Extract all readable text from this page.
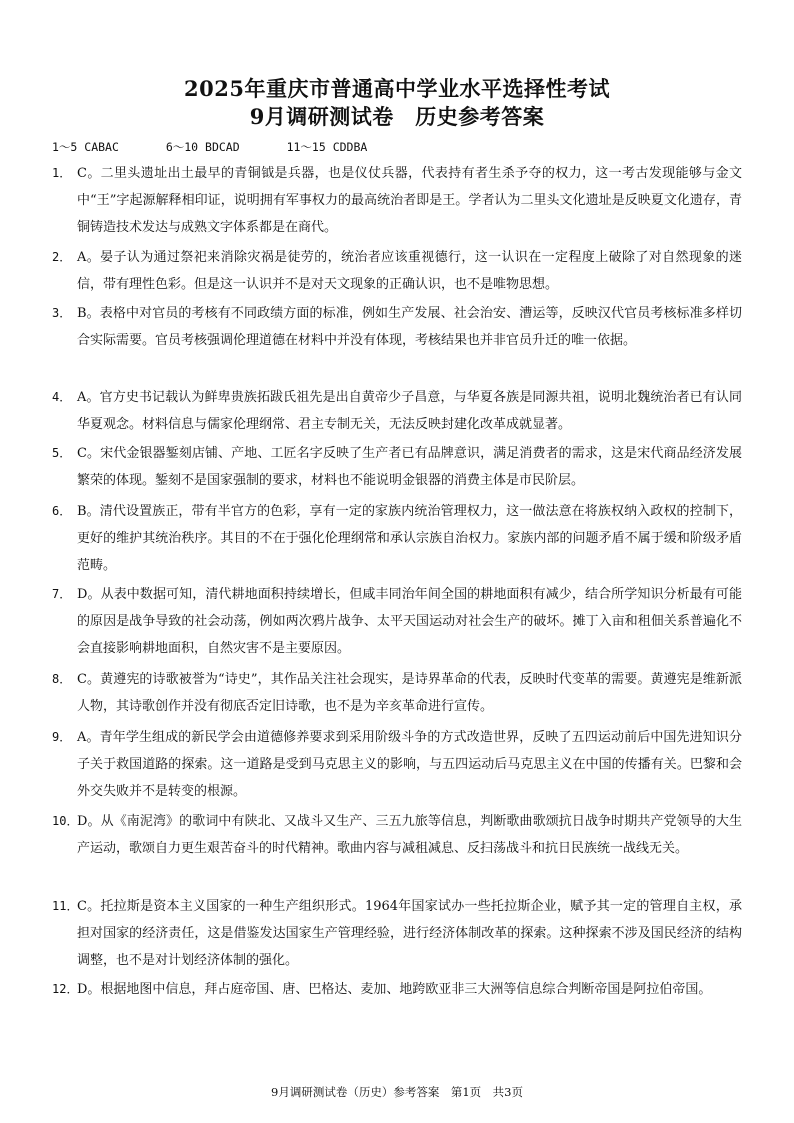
2025年重庆市普通高中学业水平选择性考试
9月调研测试卷　历史参考答案
1～5 CABAC	6～10 BDCAD	11～15 CDDBA
1． C。二里头遗址出土最早的青铜钺是兵器，也是仪仗兵器，代表持有者生杀予夺的权力，这一考古发现能够与金文中“王”字起源解释相印证，说明拥有军事权力的最高统治者即是王。学者认为二里头文化遗址是反映夏文化遗存，青铜铸造技术发达与成熟文字体系都是在商代。
2． A。晏子认为通过祭祀来消除灾祸是徒劳的，统治者应该重视德行，这一认识在一定程度上破除了对自然现象的迷信，带有理性色彩。但是这一认识并不是对天文现象的正确认识，也不是唯物思想。
3． B。表格中对官员的考核有不同政绩方面的标准，例如生产发展、社会治安、漕运等，反映汉代官员考核标准多样切合实际需要。官员考核强调伦理道德在材料中并没有体现，考核结果也并非官员升迁的唯一依据。
4． A。官方史书记载认为鲜卑贵族拓跋氏祖先是出自黄帝少子昌意，与华夏各族是同源共祖，说明北魏统治者已有认同华夏观念。材料信息与儒家伦理纲常、君主专制无关，无法反映封建化改革成就显著。
5． C。宋代金银器錾刻店铺、产地、工匠名字反映了生产者已有品牌意识，满足消费者的需求，这是宋代商品经济发展繁荣的体现。錾刻不是国家强制的要求，材料也不能说明金银器的消费主体是市民阶层。
6． B。清代设置族正，带有半官方的色彩，享有一定的家族内统治管理权力，这一做法意在将族权纳入政权的控制下，更好的维护其统治秩序。其目的不在于强化伦理纲常和承认宗族自治权力。家族内部的问题矛盾不属于缓和阶级矛盾范畴。
7． D。从表中数据可知，清代耕地面积持续增长，但咸丰同治年间全国的耕地面积有减少，结合所学知识分析最有可能的原因是战争导致的社会动荡，例如两次鸦片战争、太平天国运动对社会生产的破坏。摊丁入亩和租佃关系普遍化不会直接影响耕地面积，自然灾害不是主要原因。
8． C。黄遵宪的诗歌被誉为“诗史”，其作品关注社会现实，是诗界革命的代表，反映时代变革的需要。黄遵宪是维新派人物，其诗歌创作并没有彻底否定旧诗歌，也不是为辛亥革命进行宣传。
9． A。青年学生组成的新民学会由道德修养要求到采用阶级斗争的方式改造世界，反映了五四运动前后中国先进知识分子关于救国道路的探索。这一道路是受到马克思主义的影响，与五四运动后马克思主义在中国的传播有关。巴黎和会外交失败并不是转变的根源。
10．
D。从《南泥湾》的歌词中有陕北、又战斗又生产、三五九旅等信息，判断歌曲歌颂抗日战争时期共产党领导的大生产运动，歌颂自力更生艰苦奋斗的时代精神。歌曲内容与减租减息、反扫荡战斗和抗日民族统一战线无关。
11．
C。托拉斯是资本主义国家的一种生产组织形式。1964年国家试办一些托拉斯企业，赋予其一定的管理自主权，承担对国家的经济责任，这是借鉴发达国家生产管理经验，进行经济体制改革的探索。这种探索不涉及国民经济的结构调整，也不是对计划经济体制的强化。
12．
D。根据地图中信息，拜占庭帝国、唐、巴格达、麦加、地跨欧亚非三大洲等信息综合判断帝国是阿拉伯帝国。
9月调研测试卷（历史）参考答案　第1页　共3页
